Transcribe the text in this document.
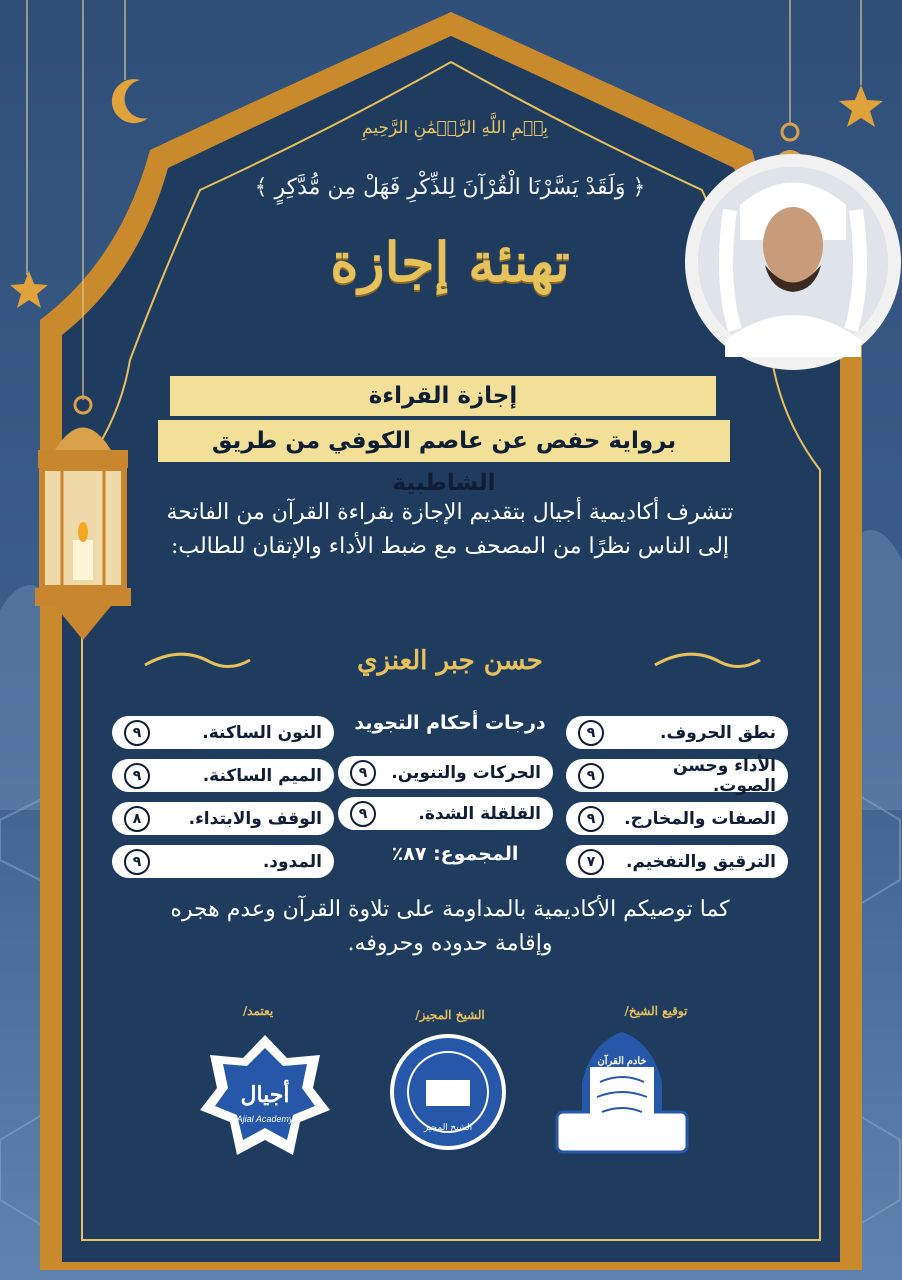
بِسۡمِ اللَّهِ الرَّحۡمَٰنِ الرَّحِيمِ
﴿ وَلَقَدْ يَسَّرْنَا الْقُرْآنَ لِلذِّكْرِ فَهَلْ مِن مُّدَّكِرٍ ﴾
تهنئة إجازة
إجازة القراءة
برواية حفص عن عاصم الكوفي من طريق الشاطبية
تتشرف أكاديمية أجيال بتقديم الإجازة بقراءة القرآن من الفاتحة إلى الناس نظرًا من المصحف مع ضبط الأداء والإتقان للطالب:
حسن جبر العنزي
درجات أحكام التجويد	نطق الحروف.
٩
الأداء وحسن الصوت.
٩
الصفات والمخارج.
٩
الترقيق والتفخيم.
٧
الحركات والتنوين.
٩
القلقلة الشدة.
٩
النون الساكنة.
٩
الميم الساكنة.
٩
الوقف والابتداء.
٨
المدود.
٩	المجموع: ٨٧٪
كما توصيكم الأكاديمية بالمداومة على تلاوة القرآن وعدم هجره وإقامة حدوده وحروفه.
توقيع الشيخ/
الشيخ المجيز/
يعتمد/
أجيال
Ajial Academy
الشيخ المجيز
خادم القرآن
